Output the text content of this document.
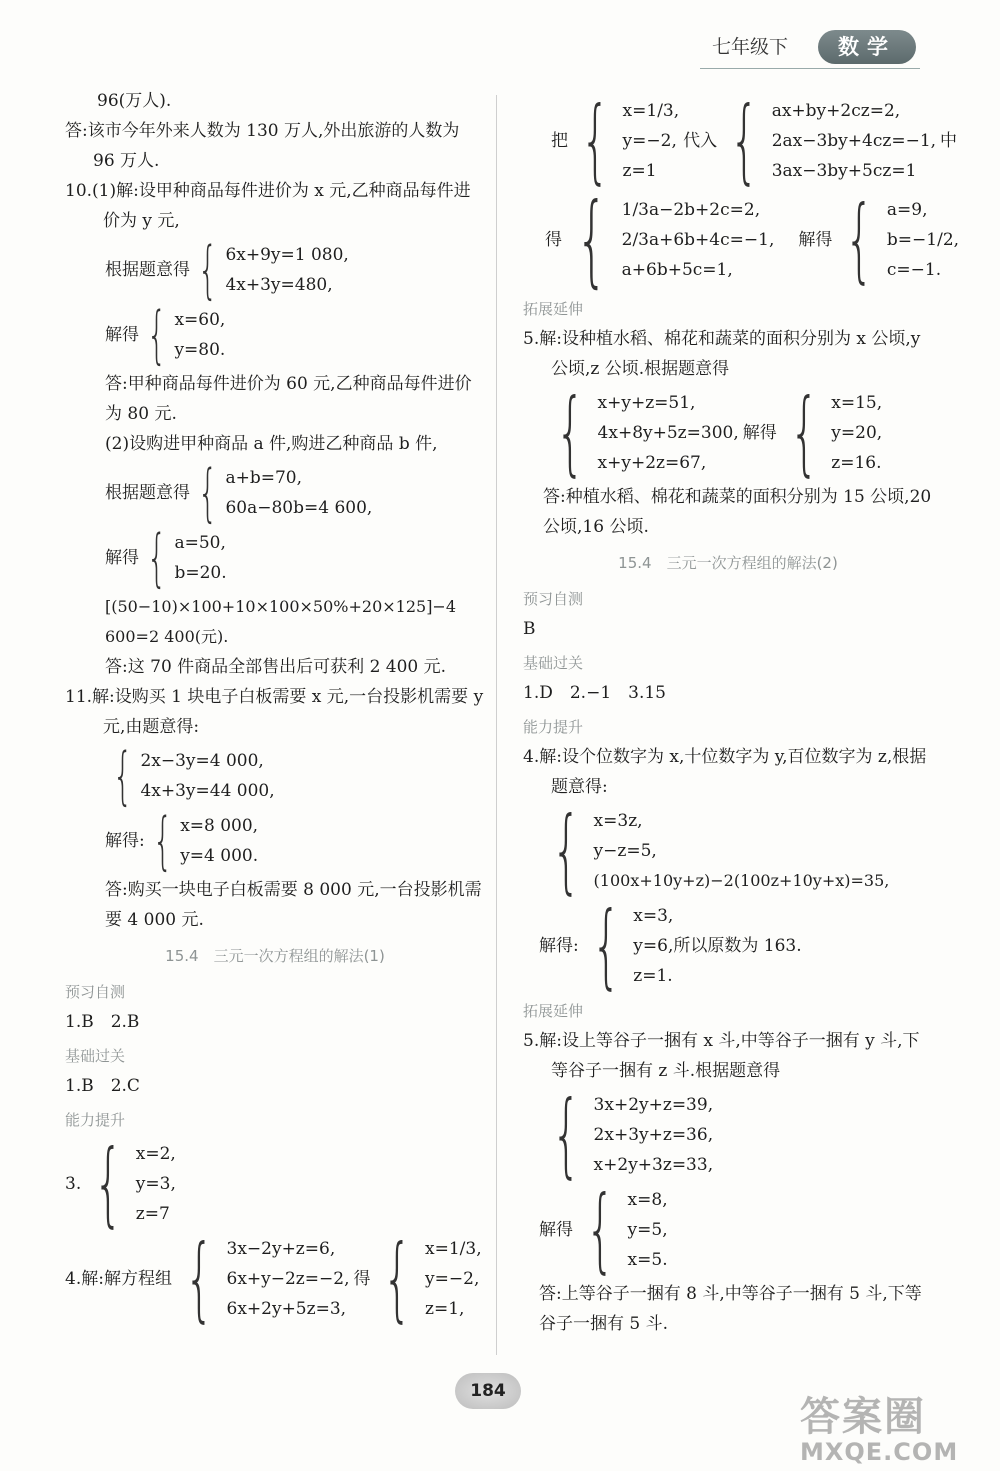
七年级下	数学

96(万人).

答:该市今年外来人数为 130 万人,外出旅游的人数为 96 万人.

10.(1)解:设甲种商品每件进价为 x 元,乙种商品每件进价为 y 元,

根据题意得 { 6x+9y=1 080,
4x+3y=480,
解得 { x=60,
y=80.

答:甲种商品每件进价为 60 元,乙种商品每件进价为 80 元.

(2)设购进甲种商品 a 件,购进乙种商品 b 件,

根据题意得 { a+b=70,
60a−80b=4 600,
解得 { a=50,
b=20.

[(50−10)×100+10×100×50%+20×125]−4 600=2 400(元).

答:这 70 件商品全部售出后可获利 2 400 元.

11.解:设购买 1 块电子白板需要 x 元,一台投影机需要 y 元,由题意得:

{ 2x−3y=4 000,
4x+3y=44 000,
解得: { x=8 000,
y=4 000.

答:购买一块电子白板需要 8 000 元,一台投影机需要 4 000 元.

15.4　三元一次方程组的解法(1)

预习自测

1.B　2.B

基础过关

1.B　2.C

能力提升

3. { x=2,
y=3,
z=7
4.解:解方程组 { 3x−2y+z=6,
6x+y−2z=−2,
6x+2y+5z=3,
得 { x=1/3,
y=−2,
z=1,
把 { x=1/3,
y=−2,
z=1
代入 { ax+by+2cz=2,
2ax−3by+4cz=−1,
3ax−3by+5cz=1
中
得 { 1/3a−2b+2c=2,
2/3a+6b+4c=−1,
a+6b+5c=1,
解得 { a=9,
b=−1/2,
c=−1.

拓展延伸

5.解:设种植水稻、棉花和蔬菜的面积分别为 x 公顷,y 公顷,z 公顷.根据题意得

{ x+y+z=51,
4x+8y+5z=300,
x+y+2z=67,
解得 { x=15,
y=20,
z=16.

答:种植水稻、棉花和蔬菜的面积分别为 15 公顷,20 公顷,16 公顷.

15.4　三元一次方程组的解法(2)

预习自测

B

基础过关

1.D　2.−1　3.15

能力提升

4.解:设个位数字为 x,十位数字为 y,百位数字为 z,根据题意得:

{ x=3z,
y−z=5,
(100x+10y+z)−2(100z+10y+x)=35,
解得: { x=3,
y=6,所以原数为 163.
z=1.

拓展延伸

5.解:设上等谷子一捆有 x 斗,中等谷子一捆有 y 斗,下等谷子一捆有 z 斗.根据题意得

{ 3x+2y+z=39,
2x+3y+z=36,
x+2y+3z=33,
解得 { x=8,
y=5,
x=5.

答:上等谷子一捆有 8 斗,中等谷子一捆有 5 斗,下等谷子一捆有 5 斗.

184
答案圈
MXQE.COM
